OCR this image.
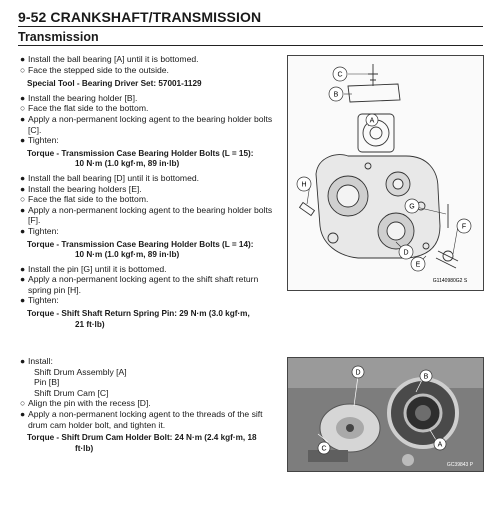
9-52 CRANKSHAFT/TRANSMISSION
Transmission
● Install the ball bearing [A] until it is bottomed.
○ Face the stepped side to the outside.
Special Tool - Bearing Driver Set: 57001-1129
● Install the bearing holder [B].
○ Face the flat side to the bottom.
● Apply a non-permanent locking agent to the bearing holder bolts [C].
● Tighten:
Torque - Transmission Case Bearing Holder Bolts (L = 15):
10 N·m (1.0 kgf·m, 89 in·lb)
● Install the ball bearing [D] until it is bottomed.
● Install the bearing holders [E].
○ Face the flat side to the bottom.
● Apply a non-permanent locking agent to the bearing holder bolts [F].
● Tighten:
Torque - Transmission Case Bearing Holder Bolts (L = 14):
10 N·m (1.0 kgf·m, 89 in·lb)
● Install the pin [G] until it is bottomed.
● Apply a non-permanent locking agent to the shift shaft return spring pin [H].
● Tighten:
Torque - Shift Shaft Return Spring Pin: 29 N·m (3.0 kgf·m,
21 ft·lb)
● Install:
Shift Drum Assembly [A]
Pin [B]
Shift Drum Cam [C]
○ Align the pin with the recess [D].
● Apply a non-permanent locking agent to the threads of the sift drum cam holder bolt, and tighten it.
Torque - Shift Drum Cam Holder Bolt: 24 N·m (2.4 kgf·m, 18
ft·lb)
C
B
A
H
G
F
D
E
G1140980G2 S
D
C
B
A
GC39843 P
